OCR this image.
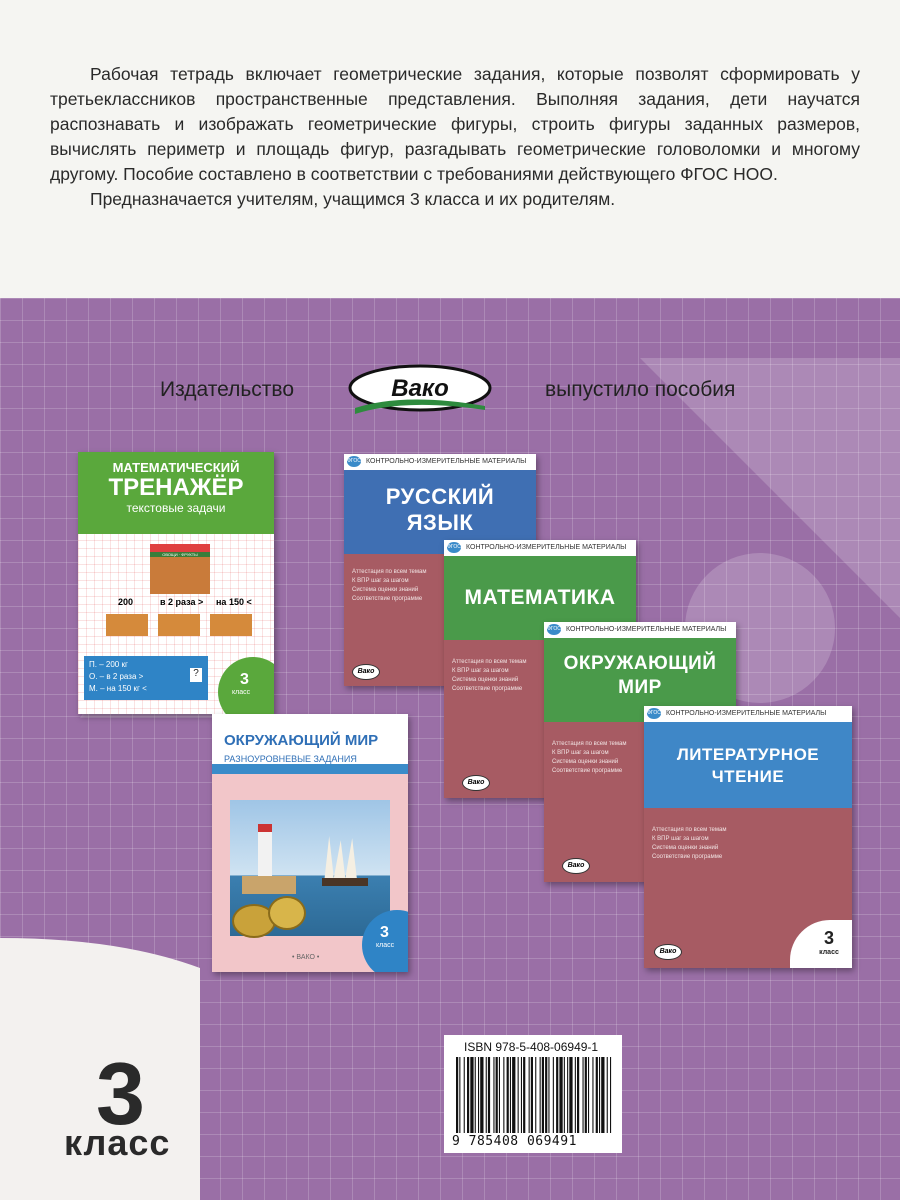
Рабочая тетрадь включает геометрические задания, которые позволят сформировать у третьеклассников пространственные представления. Выполняя задания, дети научатся распознавать и изображать геометрические фигуры, строить фигуры заданных размеров, вычислять периметр и площадь фигур, разгадывать геометрические головоломки и многому другому. Пособие составлено в соответствии с требованиями действующего ФГОС НОО.

Предназначается учителям, учащимся 3 класса и их родителям.

Издательство	Вако	выпустило пособия
МАТЕМАТИЧЕСКИЙ
ТРЕНАЖЁР
текстовые задачи
ОВОЩИ · ФРУКТЫ
200	в 2 раза > на 150 <
П. – 200 кг
О. – в 2 раза >
М. – на 150 кг <
?	3
класс
ФГОС КОНТРОЛЬНО-ИЗМЕРИТЕЛЬНЫЕ МАТЕРИАЛЫ
РУССКИЙ
ЯЗЫК
Аттестация по всем темам
К ВПР шаг за шагом
Система оценки знаний
Соответствие программе
Вако
ФГОС КОНТРОЛЬНО-ИЗМЕРИТЕЛЬНЫЕ МАТЕРИАЛЫ
МАТЕМАТИКА
Аттестация по всем темам
К ВПР шаг за шагом
Система оценки знаний
Соответствие программе
Вако
ФГОС КОНТРОЛЬНО-ИЗМЕРИТЕЛЬНЫЕ МАТЕРИАЛЫ
ОКРУЖАЮЩИЙ
МИР
Аттестация по всем темам
К ВПР шаг за шагом
Система оценки знаний
Соответствие программе
Вако
ФГОС КОНТРОЛЬНО-ИЗМЕРИТЕЛЬНЫЕ МАТЕРИАЛЫ
ЛИТЕРАТУРНОЕ
ЧТЕНИЕ
Аттестация по всем темам
К ВПР шаг за шагом
Система оценки знаний
Соответствие программе
Вако
3
класс
ОКРУЖАЮЩИЙ МИР
РАЗНОУРОВНЕВЫЕ ЗАДАНИЯ
3
класс
• ВАКО •
ISBN 978-5-408-06949-1
9 785408 069491
3
класс
